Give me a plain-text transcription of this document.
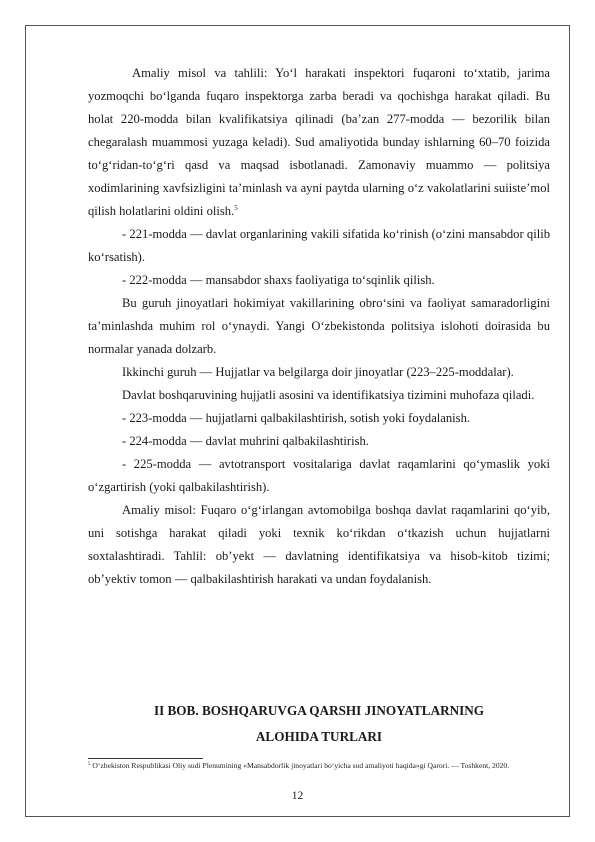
Amaliy misol va tahlili: Yo‘l harakati inspektori fuqaroni to‘xtatib, jarima yozmoqchi bo‘lganda fuqaro inspektorga zarba beradi va qochishga harakat qiladi. Bu holat 220-modda bilan kvalifikatsiya qilinadi (ba’zan 277-modda — bezorilik bilan chegaralash muammosi yuzaga keladi). Sud amaliyotida bunday ishlarning 60–70 foizida to‘g‘ridan-to‘g‘ri qasd va maqsad isbotlanadi. Zamonaviy muammo — politsiya xodimlarining xavfsizligini ta’minlash va ayni paytda ularning o‘z vakolatlarini suiiste’mol qilish holatlarini oldini olish.$^5$

- 221-modda — davlat organlarining vakili sifatida ko‘rinish (o‘zini mansabdor qilib ko‘rsatish).

- 222-modda — mansabdor shaxs faoliyatiga to‘sqinlik qilish.

Bu guruh jinoyatlari hokimiyat vakillarining obro‘sini va faoliyat samaradorligini ta’minlashda muhim rol o‘ynaydi. Yangi O‘zbekistonda politsiya islohoti doirasida bu normalar yanada dolzarb.

Ikkinchi guruh — Hujjatlar va belgilarga doir jinoyatlar (223–225-moddalar).

Davlat boshqaruvining hujjatli asosini va identifikatsiya tizimini muhofaza qiladi.

- 223-modda — hujjatlarni qalbakilashtirish, sotish yoki foydalanish.

- 224-modda — davlat muhrini qalbakilashtirish.

- 225-modda — avtotransport vositalariga davlat raqamlarini qo‘ymaslik yoki o‘zgartirish (yoki qalbakilashtirish).

Amaliy misol: Fuqaro o‘g‘irlangan avtomobilga boshqa davlat raqamlarini qo‘yib, uni sotishga harakat qiladi yoki texnik ko‘rikdan o‘tkazish uchun hujjatlarni soxtalashtiradi. Tahlil: ob’yekt — davlatning identifikatsiya va hisob-kitob tizimi; ob’yektiv tomon — qalbakilashtirish harakati va undan foydalanish.

II BOB. BOSHQARUVGA QARSHI JINOYATLARNING
ALOHIDA TURLARI
$^5$ O‘zbekiston Respublikasi Oliy sudi Plenumining «Mansabdorlik jinoyatlari bo‘yicha sud amaliyoti haqida»gi Qarori. — Toshkent, 2020.
12
